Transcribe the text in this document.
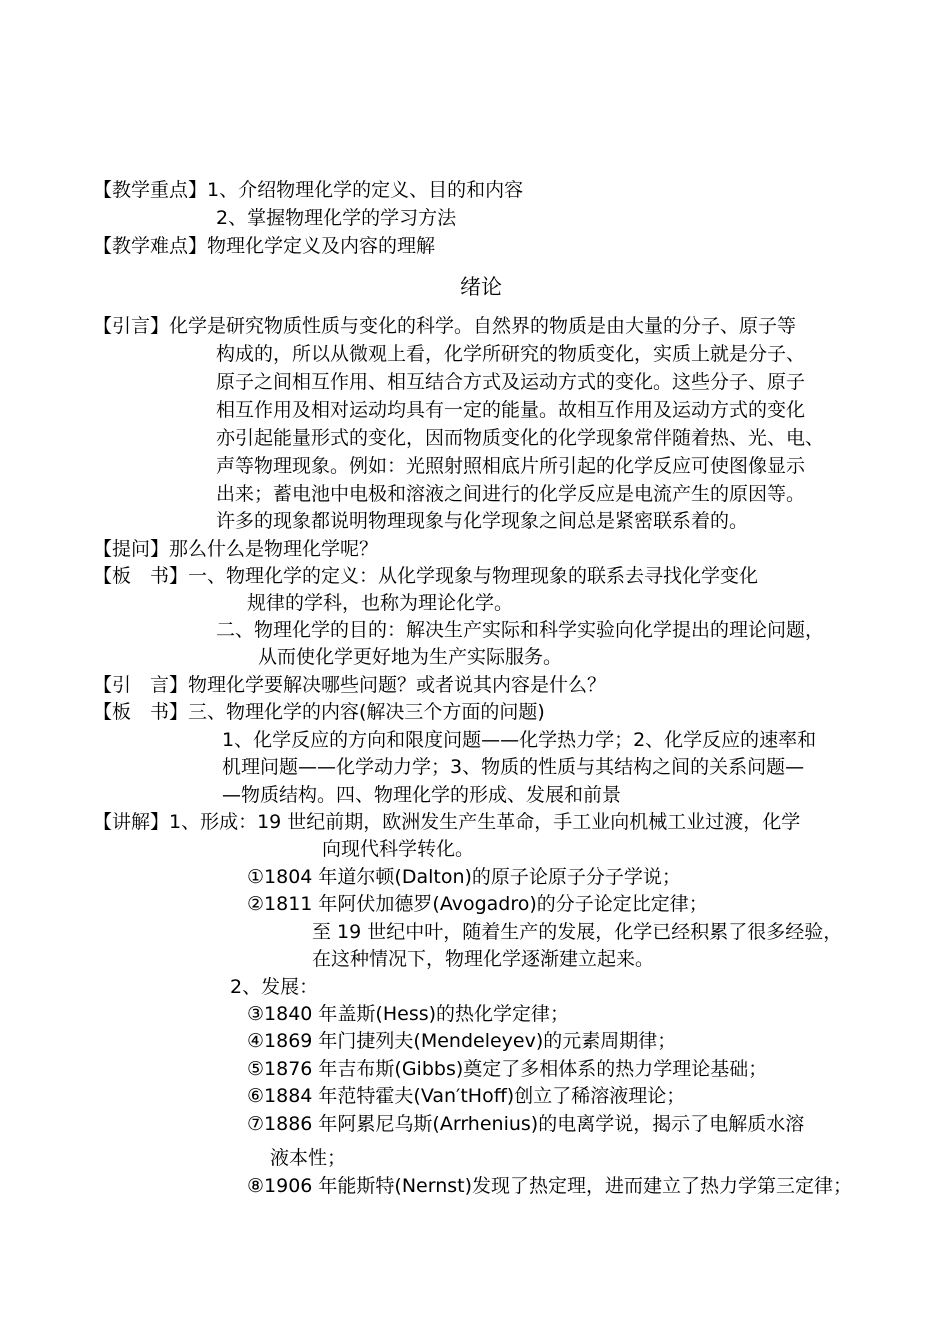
【教学重点】1、介绍物理化学的定义、目的和内容
2、掌握物理化学的学习方法
【教学难点】物理化学定义及内容的理解
绪论
【引言】化学是研究物质性质与变化的科学。自然界的物质是由大量的分子、原子等
构成的，所以从微观上看，化学所研究的物质变化，实质上就是分子、
原子之间相互作用、相互结合方式及运动方式的变化。这些分子、原子
相互作用及相对运动均具有一定的能量。故相互作用及运动方式的变化
亦引起能量形式的变化，因而物质变化的化学现象常伴随着热、光、电、
声等物理现象。例如：光照射照相底片所引起的化学反应可使图像显示
出来；蓄电池中电极和溶液之间进行的化学反应是电流产生的原因等。
许多的现象都说明物理现象与化学现象之间总是紧密联系着的。
【提问】那么什么是物理化学呢？
【板　书】一、物理化学的定义：从化学现象与物理现象的联系去寻找化学变化
规律的学科，也称为理论化学。
二、物理化学的目的：解决生产实际和科学实验向化学提出的理论问题，
从而使化学更好地为生产实际服务。
【引　言】物理化学要解决哪些问题？或者说其内容是什么？
【板　书】三、物理化学的内容(解决三个方面的问题)
1、化学反应的方向和限度问题——化学热力学；2、化学反应的速率和
机理问题——化学动力学；3、物质的性质与其结构之间的关系问题—
—物质结构。四、物理化学的形成、发展和前景
【讲解】1、形成：19 世纪前期，欧洲发生产生革命，手工业向机械工业过渡，化学
向现代科学转化。
①1804 年道尔顿(Dalton)的原子论原子分子学说；
②1811 年阿伏加德罗(Avogadro)的分子论定比定律；
至 19 世纪中叶，随着生产的发展，化学已经积累了很多经验，
在这种情况下，物理化学逐渐建立起来。
2、发展：
③1840 年盖斯(Hess)的热化学定律；
④1869 年门捷列夫(Mendeleyev)的元素周期律；
⑤1876 年吉布斯(Gibbs)奠定了多相体系的热力学理论基础；
⑥1884 年范特霍夫(Van′tHoff)创立了稀溶液理论；
⑦1886 年阿累尼乌斯(Arrhenius)的电离学说，揭示了电解质水溶
液本性；
⑧1906 年能斯特(Nernst)发现了热定理，进而建立了热力学第三定律；
